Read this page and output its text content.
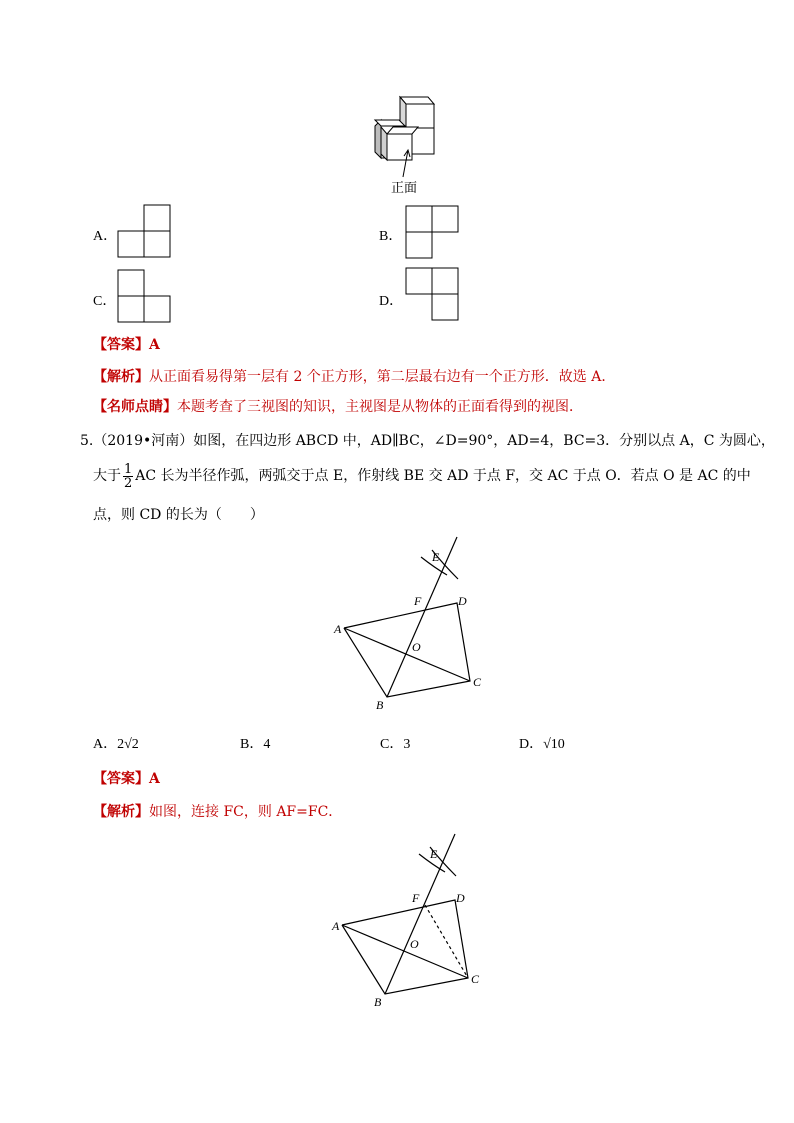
正面
A．	B．
C．	D．
【答案】A
【解析】从正面看易得第一层有 2 个正方形，第二层最右边有一个正方形．故选 A．
【名师点睛】本题考查了三视图的知识，主视图是从物体的正面看得到的视图．
5.（2019•河南）如图，在四边形 ABCD 中，AD∥BC，∠D=90°，AD=4，BC=3．分别以点 A，C 为圆心，
大于 $\frac{1}{2}$ AC 长为半径作弧，两弧交于点 E，作射线 BE 交 AD 于点 F，交 AC 于点 O．若点 O 是 AC 的中
点，则 CD 的长为（　　）
A
B
C
D
E
F
O
A．2√2	B．4	C．3	D．√10
【答案】A
【解析】如图，连接 FC，则 AF=FC．
A
B
C
D
E
F
O
